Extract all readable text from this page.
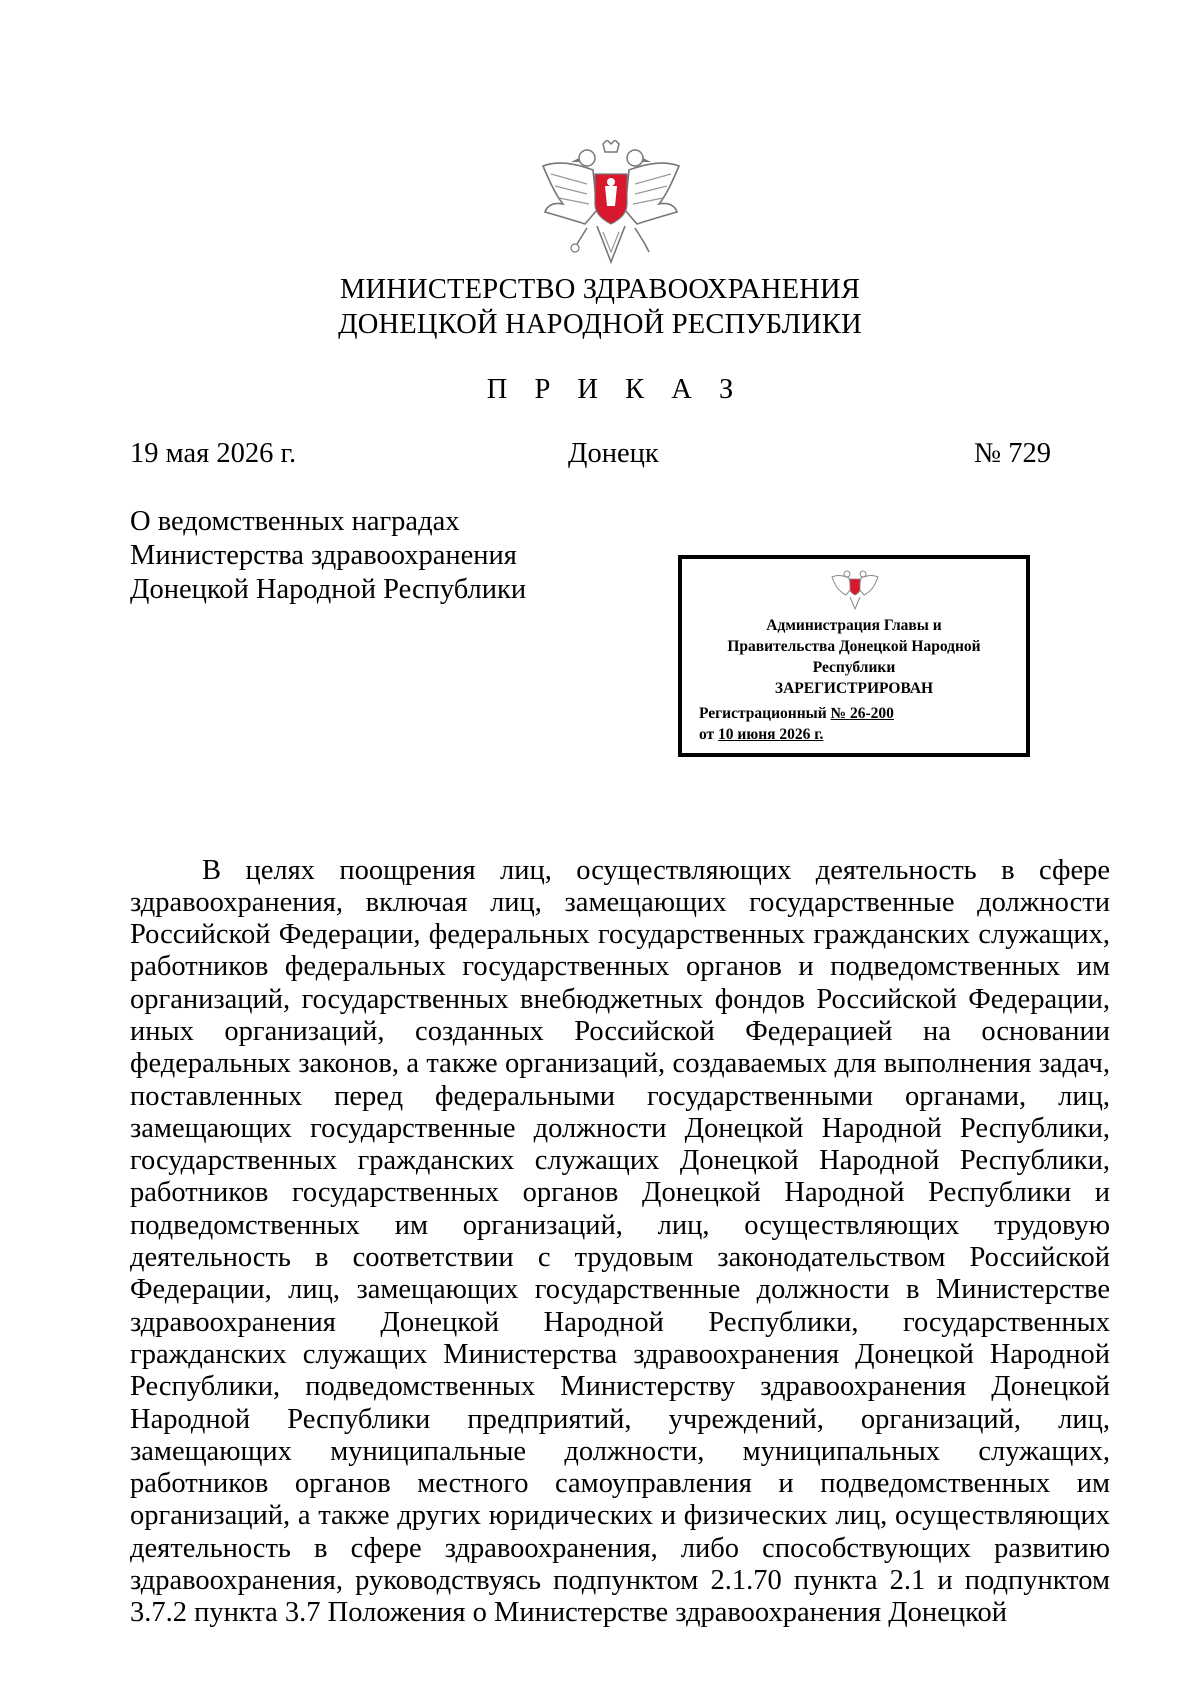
МИНИСТЕРСТВО ЗДРАВООХРАНЕНИЯ
ДОНЕЦКОЙ НАРОДНОЙ РЕСПУБЛИКИ
П Р И К А З
19 мая 2026 г.	Донецк	№ 729
О ведомственных наградах
Министерства здравоохранения
Донецкой Народной Республики
Администрация Главы и
Правительства Донецкой Народной
Республики
ЗАРЕГИСТРИРОВАН
Регистрационный № 26-200
от 10 июня 2026 г.

В целях поощрения лиц, осуществляющих деятельность в сфере здравоохранения, включая лиц, замещающих государственные должности Российской Федерации, федеральных государственных гражданских служащих, работников федеральных государственных органов и подведомственных им организаций, государственных внебюджетных фондов Российской Федерации, иных организаций, созданных Российской Федерацией на основании федеральных законов, а также организаций, создаваемых для выполнения задач, поставленных перед федеральными государственными органами, лиц, замещающих государственные должности Донецкой Народной Республики, государственных гражданских служащих Донецкой Народной Республики, работников государственных органов Донецкой Народной Республики и подведомственных им организаций, лиц, осуществляющих трудовую деятельность в соответствии с трудовым законодательством Российской Федерации, лиц, замещающих государственные должности в Министерстве здравоохранения Донецкой Народной Республики, государственных гражданских служащих Министерства здравоохранения Донецкой Народной Республики, подведомственных Министерству здравоохранения Донецкой Народной Республики предприятий, учреждений, организаций, лиц, замещающих муниципальные должности, муниципальных служащих, работников органов местного самоуправления и подведомственных им организаций, а также других юридических и физических лиц, осуществляющих деятельность в сфере здравоохранения, либо способствующих развитию здравоохранения, руководствуясь подпунктом 2.1.70 пункта 2.1 и подпунктом 3.7.2 пункта 3.7 Положения о Министерстве здравоохранения Донецкой
